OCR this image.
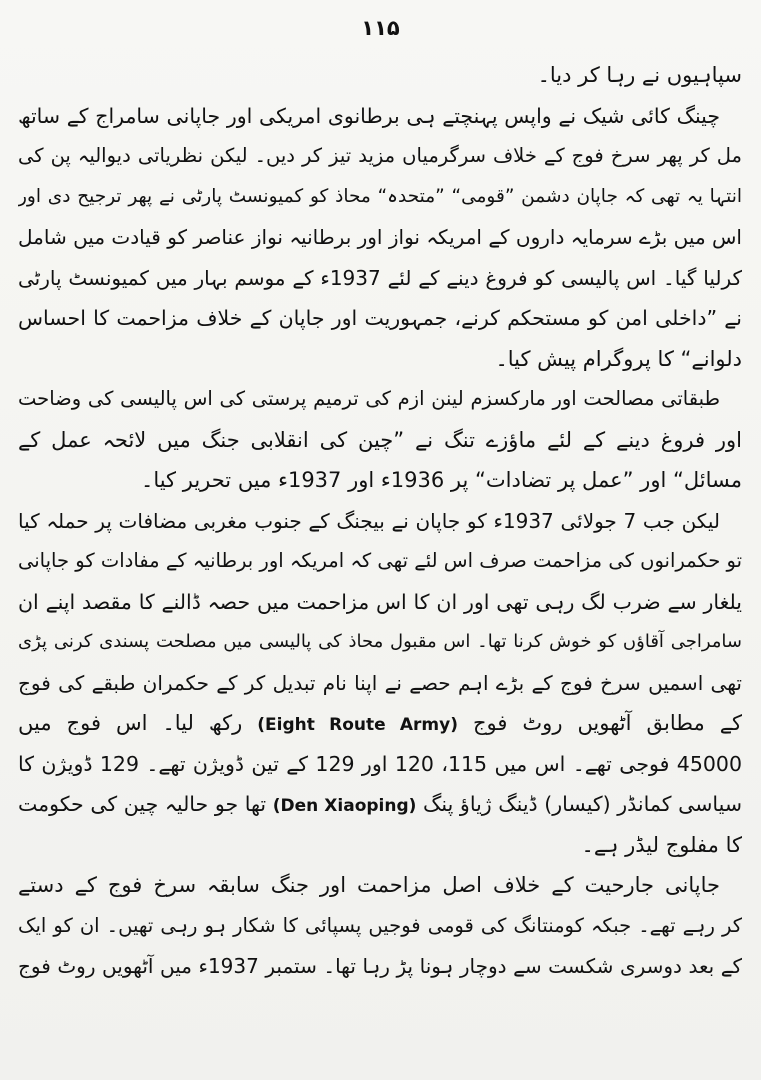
۱۱۵
سپاہیوں نے رہا کر دیا۔
چینگ کائی شیک نے واپس پہنچتے ہی برطانوی امریکی اور جاپانی سامراج کے ساتھ
مل کر پھر سرخ فوج کے خلاف سرگرمیاں مزید تیز کر دیں۔ لیکن نظریاتی دیوالیہ پن کی
انتہا یہ تھی کہ جاپان دشمن ”قومی“ ”متحدہ“ محاذ کو کمیونسٹ پارٹی نے پھر ترجیح دی اور
اس میں بڑے سرمایہ داروں کے امریکہ نواز اور برطانیہ نواز عناصر کو قیادت میں شامل
کرلیا گیا۔ اس پالیسی کو فروغ دینے کے لئے 1937ء کے موسم بہار میں کمیونسٹ پارٹی
نے ”داخلی امن کو مستحکم کرنے، جمہوریت اور جاپان کے خلاف مزاحمت کا احساس
دلوانے“ کا پروگرام پیش کیا۔
طبقاتی مصالحت اور مارکسزم لینن ازم کی ترمیم پرستی کی اس پالیسی کی وضاحت
اور فروغ دینے کے لئے ماؤزے تنگ نے ”چین کی انقلابی جنگ میں لائحہ عمل کے
مسائل“ اور ”عمل پر تضادات“ پر 1936ء اور 1937ء میں تحریر کیا۔
لیکن جب 7 جولائی 1937ء کو جاپان نے بیجنگ کے جنوب مغربی مضافات پر حملہ کیا
تو حکمرانوں کی مزاحمت صرف اس لئے تھی کہ امریکہ اور برطانیہ کے مفادات کو جاپانی
یلغار سے ضرب لگ رہی تھی اور ان کا اس مزاحمت میں حصہ ڈالنے کا مقصد اپنے ان
سامراجی آقاؤں کو خوش کرنا تھا۔ اس مقبول محاذ کی پالیسی میں مصلحت پسندی کرنی پڑی
تھی اسمیں سرخ فوج کے بڑے اہم حصے نے اپنا نام تبدیل کر کے حکمران طبقے کی فوج
کے مطابق آٹھویں روٹ فوج (Eight Route Army) رکھ لیا۔ اس فوج میں
45000 فوجی تھے۔ اس میں 115، 120 اور 129 کے تین ڈویژن تھے۔ 129 ڈویژن کا
سیاسی کمانڈر (کیسار) ڈینگ ژیاؤ پنگ (Den Xiaoping) تھا جو حالیہ چین کی حکومت
کا مفلوج لیڈر ہے۔
جاپانی جارحیت کے خلاف اصل مزاحمت اور جنگ سابقہ سرخ فوج کے دستے
کر رہے تھے۔ جبکہ کومنتانگ کی قومی فوجیں پسپائی کا شکار ہو رہی تھیں۔ ان کو ایک
کے بعد دوسری شکست سے دوچار ہونا پڑ رہا تھا۔ ستمبر 1937ء میں آٹھویں روٹ فوج
